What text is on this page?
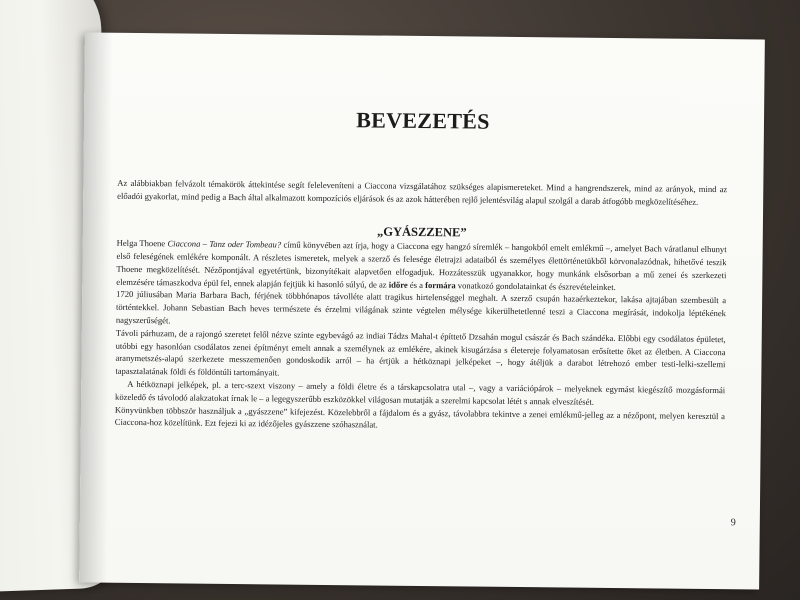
BEVEZETÉS

Az alábbiakban felvázolt témakörök áttekintése segít feleleveníteni a Ciaccona vizsgálatához szükséges alapismereteket. Mind a hangrendszerek, mind az arányok, mind az előadói gyakorlat, mind pedig a Bach által alkalmazott kompozíciós eljárások és az azok hátterében rejlő jelentésvilág alapul szolgál a darab átfogóbb megközelítéséhez.

„GYÁSZZENE”

Helga Thoene Ciaccona – Tanz oder Tombeau? című könyvében azt írja, hogy a Ciaccona egy hangzó síremlék – hangokból emelt emlékmű –, amelyet Bach váratlanul elhunyt első feleségének emlékére komponált. A részletes ismeretek, melyek a szerző és felesége életrajzi adataiból és személyes élettörténetükből körvonalazódnak, hihetővé teszik Thoene megközelítését. Nézőpontjával egyetértünk, bizonyítékait alapvetően elfogadjuk. Hozzátesszük ugyanakkor, hogy munkánk elsősorban a mű zenei és szerkezeti elemzésére támaszkodva épül fel, ennek alapján fejtjük ki hasonló súlyú, de az időre és a formára vonatkozó gondolatainkat és észrevételeinket.

1720 júliusában Maria Barbara Bach, férjének többhónapos távolléte alatt tragikus hirtelenséggel meghalt. A szerző csupán hazaérkeztekor, lakása ajtajában szembesült a történtekkel. Johann Sebastian Bach heves természete és érzelmi világának szinte végtelen mélysége kikerülhetetlenné teszi a Ciaccona megírását, indokolja léptékének nagyszerűségét.

Távoli párhuzam, de a rajongó szeretet felől nézve szinte egybevágó az indiai Tádzs Mahal-t építtető Dzsahán mogul császár és Bach szándéka. Előbbi egy csodálatos épületet, utóbbi egy hasonlóan csodálatos zenei építményt emelt annak a személynek az emlékére, akinek kisugárzása s életereje folyamatosan erősítette őket az életben. A Ciaccona aranymetszés-alapú szerkezete messzemenően gondoskodik arról – ha értjük a hétköznapi jelképeket –, hogy átéljük a darabot létrehozó ember testi-lelki-szellemi tapasztalatának földi és földöntúli tartományait.

A hétköznapi jelképek, pl. a terc-szext viszony – amely a földi életre és a társkapcsolatra utal –, vagy a variációpárok – melyeknek egymást kiegészítő mozgásformái közeledő és távolodó alakzatokat írnak le – a legegyszerűbb eszközökkel világosan mutatják a szerelmi kapcsolat létét s annak elveszítését.

Könyvünkben többször használjuk a „gyászzene” kifejezést. Közelebbről a fájdalom és a gyász, távolabbra tekintve a zenei emlékmű-jelleg az a nézőpont, melyen keresztül a Ciaccona-hoz közelítünk. Ezt fejezi ki az idézőjeles gyászzene szóhasználat.

9
